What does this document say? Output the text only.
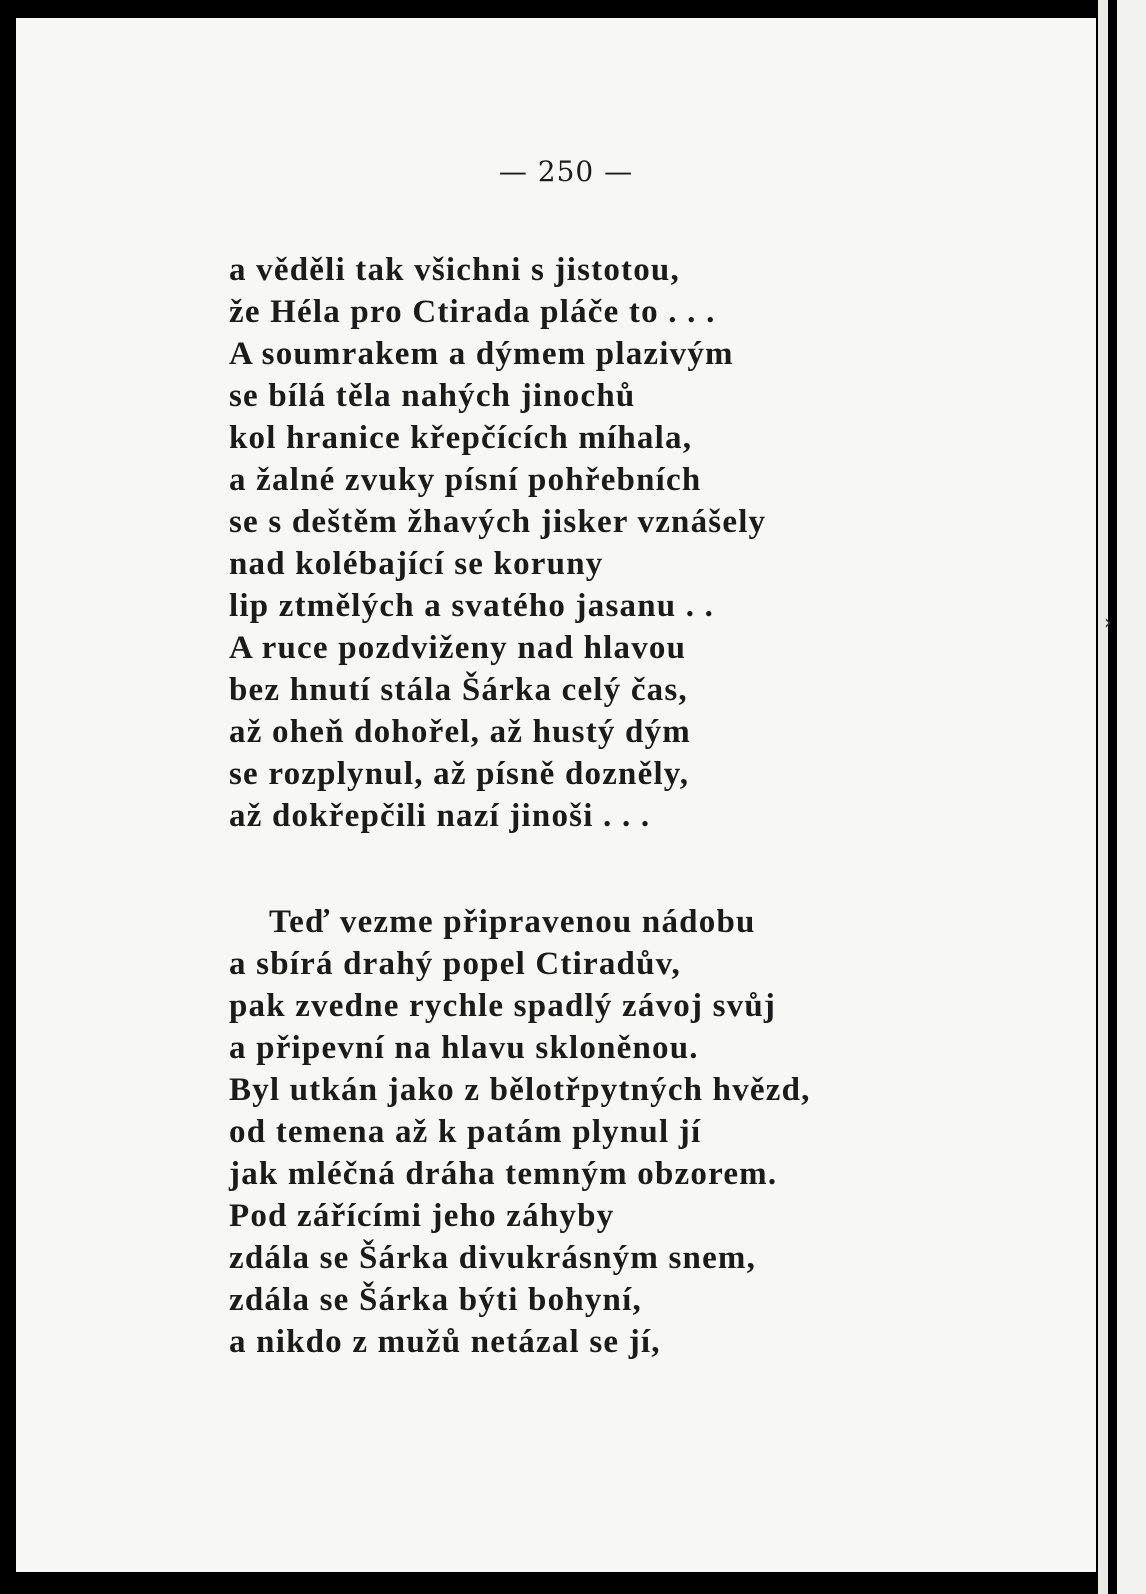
— 250 —
a věděli tak všichni s jistotou,
že Héla pro Ctirada pláče to . . .
A soumrakem a dýmem plazivým
se bílá těla nahých jinochů
kol hranice křepčících míhala,
a žalné zvuky písní pohřebních
se s deštěm žhavých jisker vznášely
nad kolébající se koruny
lip ztmělých a svatého jasanu . .
A ruce pozdviženy nad hlavou
bez hnutí stála Šárka celý čas,
až oheň dohořel, až hustý dým
se rozplynul, až písně dozněly,
až dokřepčili nazí jinoši . . .
Teď vezme připravenou nádobu
a sbírá drahý popel Ctiradův,
pak zvedne rychle spadlý závoj svůj
a připevní na hlavu skloněnou.
Byl utkán jako z bělotřpytných hvězd,
od temena až k patám plynul jí
jak mléčná dráha temným obzorem.
Pod zářícími jeho záhyby
zdála se Šárka divukrásným snem,
zdála se Šárka býti bohyní,
a nikdo z mužů netázal se jí,
›
